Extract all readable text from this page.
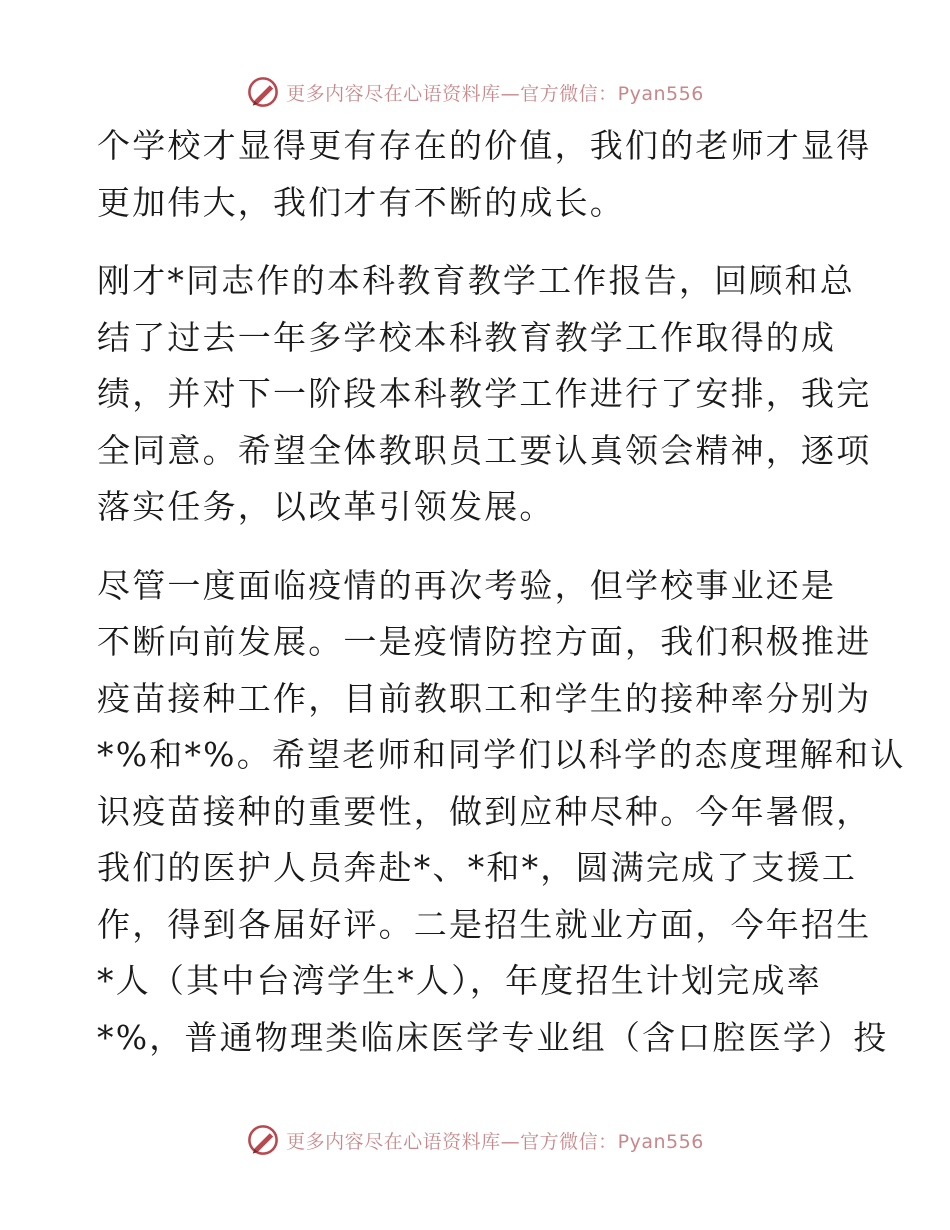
更多内容尽在心语资料库—官方微信：Pyan556

个学校才显得更有存在的价值，我们的老师才显得
更加伟大，我们才有不断的成长。

刚才*同志作的本科教育教学工作报告，回顾和总
结了过去一年多学校本科教育教学工作取得的成
绩，并对下一阶段本科教学工作进行了安排，我完
全同意。希望全体教职员工要认真领会精神，逐项
落实任务，以改革引领发展。

尽管一度面临疫情的再次考验，但学校事业还是
不断向前发展。一是疫情防控方面，我们积极推进
疫苗接种工作，目前教职工和学生的接种率分别为
*%和*%。希望老师和同学们以科学的态度理解和认
识疫苗接种的重要性，做到应种尽种。今年暑假，
我们的医护人员奔赴*、*和*，圆满完成了支援工
作，得到各届好评。二是招生就业方面，今年招生
*人（其中台湾学生*人），年度招生计划完成率
*%，普通物理类临床医学专业组（含口腔医学）投

更多内容尽在心语资料库—官方微信：Pyan556
